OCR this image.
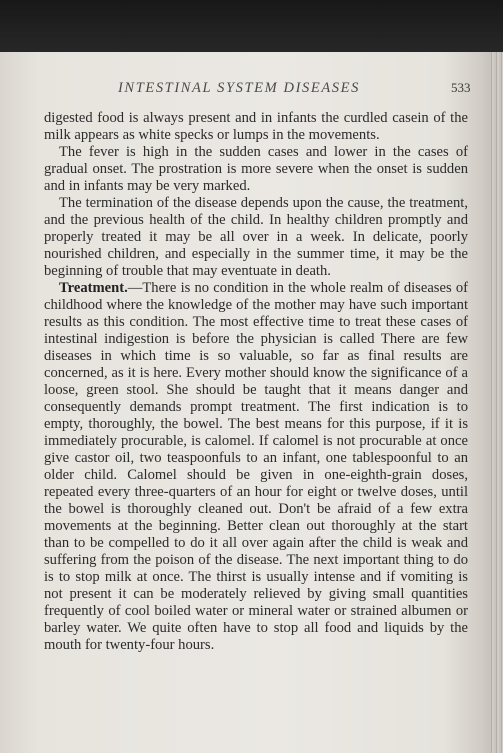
INTESTINAL SYSTEM DISEASES	533

digested food is always present and in infants the curdled casein of the milk appears as white specks or lumps in the movements.

The fever is high in the sudden cases and lower in the cases of gradual onset. The prostration is more severe when the onset is sudden and in infants may be very marked.

The termination of the disease depends upon the cause, the treatment, and the previous health of the child. In healthy children promptly and properly treated it may be all over in a week. In delicate, poorly nourished children, and especially in the summer time, it may be the beginning of trouble that may eventuate in death.

Treatment.—There is no condition in the whole realm of diseases of childhood where the knowledge of the mother may have such important results as this condition. The most effective time to treat these cases of intestinal indigestion is before the physician is called There are few diseases in which time is so valuable, so far as final results are concerned, as it is here. Every mother should know the significance of a loose, green stool. She should be taught that it means danger and consequently demands prompt treatment. The first indication is to empty, thoroughly, the bowel. The best means for this purpose, if it is immediately procurable, is calomel. If calomel is not procurable at once give castor oil, two teaspoonfuls to an infant, one tablespoonful to an older child. Calomel should be given in one-eighth-grain doses, repeated every three-quarters of an hour for eight or twelve doses, until the bowel is thoroughly cleaned out. Don't be afraid of a few extra movements at the beginning. Better clean out thoroughly at the start than to be compelled to do it all over again after the child is weak and suffering from the poison of the disease. The next important thing to do is to stop milk at once. The thirst is usually intense and if vomiting is not present it can be moderately relieved by giving small quantities frequently of cool boiled water or mineral water or strained albumen or barley water. We quite often have to stop all food and liquids by the mouth for twenty-four hours.
